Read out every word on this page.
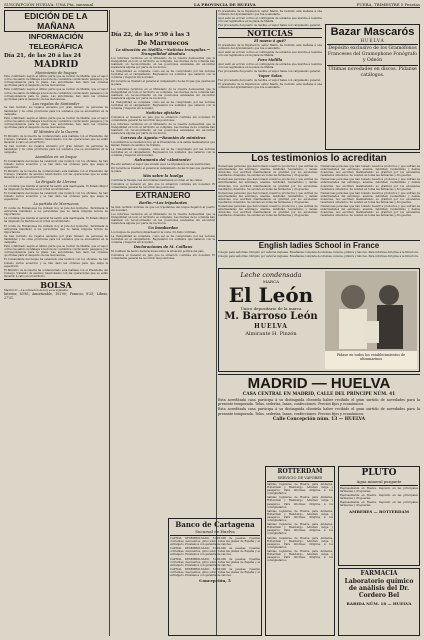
SUSCRIPCIÓN HUELVA: UNA Pta. mensual	LA PROVINCIA DE HUELVA	FUERA, TRIMESTRE 5 Pesetas
EDICIÓN DE LA MAÑANA
INFORMACIÓN TELEGRÁFICA
Día 21, de las 20 á las 24
MADRID
Movimiento de buques
Está confirmado según el último parte que se recibió de Melilla, que el vapor correo ha salido de Málaga á la hora de costumbre conduciendo pasajeros y la correspondencia para la plaza. Las autoridades han dado las órdenes oportunas para el despacho de las mercancías.
Está confirmado según el último parte que se recibió de Melilla, que el vapor correo ha salido de Málaga á la hora de costumbre conduciendo pasajeros y la correspondencia para la plaza. Las autoridades han dado las órdenes oportunas para el despacho de las mercancías.
Los regalos de Santander
Se han recibido los regalos enviados por gran número de personas de Santander y de otras provincias para los soldados que se encuentran en la campaña.
Está confirmado según el último parte que se recibió de Melilla, que el vapor correo ha salido de Málaga á la hora de costumbre conduciendo pasajeros y la correspondencia para la plaza. Las autoridades han dado las órdenes oportunas para el despacho de las mercancías.
El Ministro de la Guerra
El Ministro de la Guerra ha conferenciado esta mañana con el Presidente del Consejo, tratando de asuntos relacionados con las operaciones que se están llevando á cabo en el territorio.
Se han recibido los regalos enviados por gran número de personas de Santander y de otras provincias para los soldados que se encuentran en la campaña.
Asamblea en un buque
El Comandante del buque ha celebrado una reunión con los oficiales. Se han tomado varios acuerdos y se han dado las órdenes para que salga la expedición.
El Ministro de la Guerra ha conferenciado esta mañana con el Presidente del Consejo, tratando de asuntos relacionados con las operaciones que se están llevando á cabo en el territorio.
La Brigada de Llerena
La columna que manda el general ha salido esta madrugada. El Estado Mayor ha dispuesto la marcha en el orden acostumbrado.
El Comandante del buque ha celebrado una reunión con los oficiales. Se han tomado varios acuerdos y se han dado las órdenes para que salga la expedición.
La partida de Marruecos
El conde de Romanones ha visitado hoy al Jefe del Gobierno. Terminada la entrevista manifestó á los periodistas que no había ninguna noticia de importancia.
La columna que manda el general ha salido esta madrugada. El Estado Mayor ha dispuesto la marcha en el orden acostumbrado.
El conde de Romanones ha visitado hoy al Jefe del Gobierno. Terminada la entrevista manifestó á los periodistas que no había ninguna noticia de importancia.
Se han recibido los regalos enviados por gran número de personas de Santander y de otras provincias para los soldados que se encuentran en la campaña.
Está confirmado según el último parte que se recibió de Melilla, que el vapor correo ha salido de Málaga á la hora de costumbre conduciendo pasajeros y la correspondencia para la plaza. Las autoridades han dado las órdenes oportunas para el despacho de las mercancías.
El Comandante del buque ha celebrado una reunión con los oficiales. Se han tomado varios acuerdos y se han dado las órdenes para que salga la expedición.
El Ministro de la Guerra ha conferenciado esta mañana con el Presidente del Consejo, tratando de asuntos relacionados con las operaciones que se están llevando á cabo en el territorio.
BOLSA
Madrid 21.—La cotización de hoy es la siguiente:
Interior, 83'85; Amortizable, 102'00; Francos, 8'25; Libras, 27'31.
Día 22, de las 9'30 á las 3
De Marruecos
La situación en Melilla.—Noticias tranquilas.—Tranquilidad absoluta
Los informes recibidos en el Ministerio de la Guerra demuestran que la tranquilidad en todo el territorio es completa. Las fuerzas de la columna han realizado un reconocimiento en las posiciones avanzadas sin encontrar resistencia alguna por parte de los moros.
La tranquilidad es completa, como así se ha comprobado por las noticias recibidas en el campamento. Regresaron los soldados que salieron con la columna y llegaron sin novedad.
Por la tarde se trasladó el general al campamento de las tropas que guarnecen la plaza.
Los informes recibidos en el Ministerio de la Guerra demuestran que la tranquilidad en todo el territorio es completa. Las fuerzas de la columna han realizado un reconocimiento en las posiciones avanzadas sin encontrar resistencia alguna por parte de los moros.
La tranquilidad es completa, como así se ha comprobado por las noticias recibidas en el campamento. Regresaron los soldados que salieron con la columna y llegaron sin novedad.
Noticias oficiales
Comunica el General en Jefe que la situación continúa sin novedad. El comandante general ha recorrido las posiciones.
Los informes recibidos en el Ministerio de la Guerra demuestran que la tranquilidad en todo el territorio es completa. Las fuerzas de la columna han realizado un reconocimiento en las posiciones avanzadas sin encontrar resistencia alguna por parte de los moros.
Correos de Agosto.—Reunión de ministros
Los ministros se reunieron hoy en la Presidencia. A la salida manifestaron que habían tratado de asuntos de trámite.
La tranquilidad es completa, como así se ha comprobado por las noticias recibidas en el campamento. Regresaron los soldados que salieron con la columna y llegaron sin novedad.
Salvamento del «Almirante»
Ha sido salvado el vapor que encalló ayer. La tripulación se encuentra bien.
Por la tarde se trasladó el general al campamento de las tropas que guarnecen la plaza.
Más sobre la huelga
Continúa la huelga. Las autoridades mantienen el orden en las calles.
Comunica el General en Jefe que la situación continúa sin novedad. El comandante general ha recorrido las posiciones.
EXTRANJERO
Berlín.—Los tripulantes
Se han recibido noticias de que los tripulantes del buque llegaron al puerto sin novedad.
Los informes recibidos en el Ministerio de la Guerra demuestran que la tranquilidad en todo el territorio es completa. Las fuerzas de la columna han realizado un reconocimiento en las posiciones avanzadas sin encontrar resistencia alguna por parte de los moros.
Un bombardeo
Los buques de guerra bombardearon la costa. No hubo víctimas.
La tranquilidad es completa, como así se ha comprobado por las noticias recibidas en el campamento. Regresaron los soldados que salieron con la columna y llegaron sin novedad.
Declaraciones de M. Caillaux
M. Caillaux ha hecho declaraciones sobre la situación política del país.
Comunica el General en Jefe que la situación continúa sin novedad. El comandante general ha recorrido las posiciones.
El presidente de la Diputación, señor Marín, ha recibido esta mañana á una comisión del Ayuntamiento que fué á saludarle.
Ayer salió en el tren correo el contingente de soldados que marcha á reunirse con sus regimientos en la plaza de Melilla.
Fué procedente del puerto de Sevilla, el vapor Salas con cargamento general.
NOTICIAS
El nuevo á qué?
El presidente de la Diputación, señor Marín, ha recibido esta mañana á una comisión del Ayuntamiento que fué á saludarle.
Ayer salió en el tren correo el contingente de soldados que marcha á reunirse con sus regimientos en la plaza de Melilla.
Para Melilla
Ayer salió en el tren correo el contingente de soldados que marcha á reunirse con sus regimientos en la plaza de Melilla.
Fué procedente del puerto de Sevilla, el vapor Salas con cargamento general.
Vapor Salas
Fué procedente del puerto de Sevilla, el vapor Salas con cargamento general.
El presidente de la Diputación, señor Marín, ha recibido esta mañana á una comisión del Ayuntamiento que fué á saludarle.
Bazar Mascarós
HUELVA
Depósito exclusivo de los Gramófonos Franceses del Gramophone Fonógrafo y Odeón
Últimas novedades en discos. Pídanse catálogos.
Los testimonios lo acreditan
Numerosas personas que han tomado nuestros productos y que sufrían de enfermedades del estómago, anemia, debilidad, reumatismo y demás dolencias, nos escriben manifestando su gratitud por los excelentes resultados obtenidos. Se venden en todas las farmacias y droguerías.
Numerosas personas que han tomado nuestros productos y que sufrían de enfermedades del estómago, anemia, debilidad, reumatismo y demás dolencias, nos escriben manifestando su gratitud por los excelentes resultados obtenidos. Se venden en todas las farmacias y droguerías.
Numerosas personas que han tomado nuestros productos y que sufrían de enfermedades del estómago, anemia, debilidad, reumatismo y demás dolencias, nos escriben manifestando su gratitud por los excelentes resultados obtenidos. Se venden en todas las farmacias y droguerías.
Numerosas personas que han tomado nuestros productos y que sufrían de enfermedades del estómago, anemia, debilidad, reumatismo y demás dolencias, nos escriben manifestando su gratitud por los excelentes resultados obtenidos. Se venden en todas las farmacias y droguerías.
Numerosas personas que han tomado nuestros productos y que sufrían de enfermedades del estómago, anemia, debilidad, reumatismo y demás dolencias, nos escriben manifestando su gratitud por los excelentes resultados obtenidos. Se venden en todas las farmacias y droguerías.
Numerosas personas que han tomado nuestros productos y que sufrían de enfermedades del estómago, anemia, debilidad, reumatismo y demás dolencias, nos escriben manifestando su gratitud por los excelentes resultados obtenidos. Se venden en todas las farmacias y droguerías.
Numerosas personas que han tomado nuestros productos y que sufrían de enfermedades del estómago, anemia, debilidad, reumatismo y demás dolencias, nos escriben manifestando su gratitud por los excelentes resultados obtenidos. Se venden en todas las farmacias y droguerías.
Numerosas personas que han tomado nuestros productos y que sufrían de enfermedades del estómago, anemia, debilidad, reumatismo y demás dolencias, nos escriben manifestando su gratitud por los excelentes resultados obtenidos. Se venden en todas las farmacias y droguerías.
English ladies School in France
Colegio para señoritas. Dirigido por señoras inglesas. Enseñanza completa de idiomas, música, pintura y labores. Para informes dirigirse á la Directora.
Colegio para señoritas. Dirigido por señoras inglesas. Enseñanza completa de idiomas, música, pintura y labores. Para informes dirigirse á la Directora.
Leche condensada
MARCA
El León
Único depositario de la marca
M. Barroso León
HUELVA
Almirante H. Pinzón
Pídase en todos los establecimientos de ultramarinos
MADRID — HUELVA
CASA CENTRAL EN MADRID, CALLE DEL PRÍNCIPE NÚM. 41
Esta acreditada casa participa á su distinguida clientela haber recibido el gran surtido de novedades para la presente temporada. Telas, sederías, lanas, confecciones. Precios fijos y económicos.
Esta acreditada casa participa á su distinguida clientela haber recibido el gran surtido de novedades para la presente temporada. Telas, sederías, lanas, confecciones. Precios fijos y económicos.
Calle Concepción núm. 13 — HUELVA
Banco de Cartagena
Sucursal de Huelva
CAPITAL DESEMBOLSADO: 5.000.000 de pesetas. Cuentas corrientes, descuentos, giros sobre todas las plazas de España y el extranjero. Préstamos con garantía de valores.
CAPITAL DESEMBOLSADO: 5.000.000 de pesetas. Cuentas corrientes, descuentos, giros sobre todas las plazas de España y el extranjero. Préstamos con garantía de valores.
CAPITAL DESEMBOLSADO: 5.000.000 de pesetas. Cuentas corrientes, descuentos, giros sobre todas las plazas de España y el extranjero. Préstamos con garantía de valores.
CAPITAL DESEMBOLSADO: 5.000.000 de pesetas. Cuentas corrientes, descuentos, giros sobre todas las plazas de España y el extranjero. Préstamos con garantía de valores.
Concepción, 5
ROTTERDAM
SERVICIO DE VAPORES
Salidas regulares de Huelva para Amberes, Rotterdam y Hamburgo. Admiten carga y pasajeros. Para informes dirigirse á los consignatarios.
Salidas regulares de Huelva para Amberes, Rotterdam y Hamburgo. Admiten carga y pasajeros. Para informes dirigirse á los consignatarios.
Salidas regulares de Huelva para Amberes, Rotterdam y Hamburgo. Admiten carga y pasajeros. Para informes dirigirse á los consignatarios.
Salidas regulares de Huelva para Amberes, Rotterdam y Hamburgo. Admiten carga y pasajeros. Para informes dirigirse á los consignatarios.
Salidas regulares de Huelva para Amberes, Rotterdam y Hamburgo. Admiten carga y pasajeros. Para informes dirigirse á los consignatarios.
Salidas regulares de Huelva para Amberes, Rotterdam y Hamburgo. Admiten carga y pasajeros. Para informes dirigirse á los consignatarios.
PLUTO
Agua mineral purgante
Representante en Huelva. Depósito en las principales farmacias y droguerías.
Representante en Huelva. Depósito en las principales farmacias y droguerías.
Representante en Huelva. Depósito en las principales farmacias y droguerías.
AMBERES — ROTTERDAM
FARMACIA
Laboratorio químico de análisis del Dr. Cordero Bel
RABIDA NÚM. 18 — HUELVA
